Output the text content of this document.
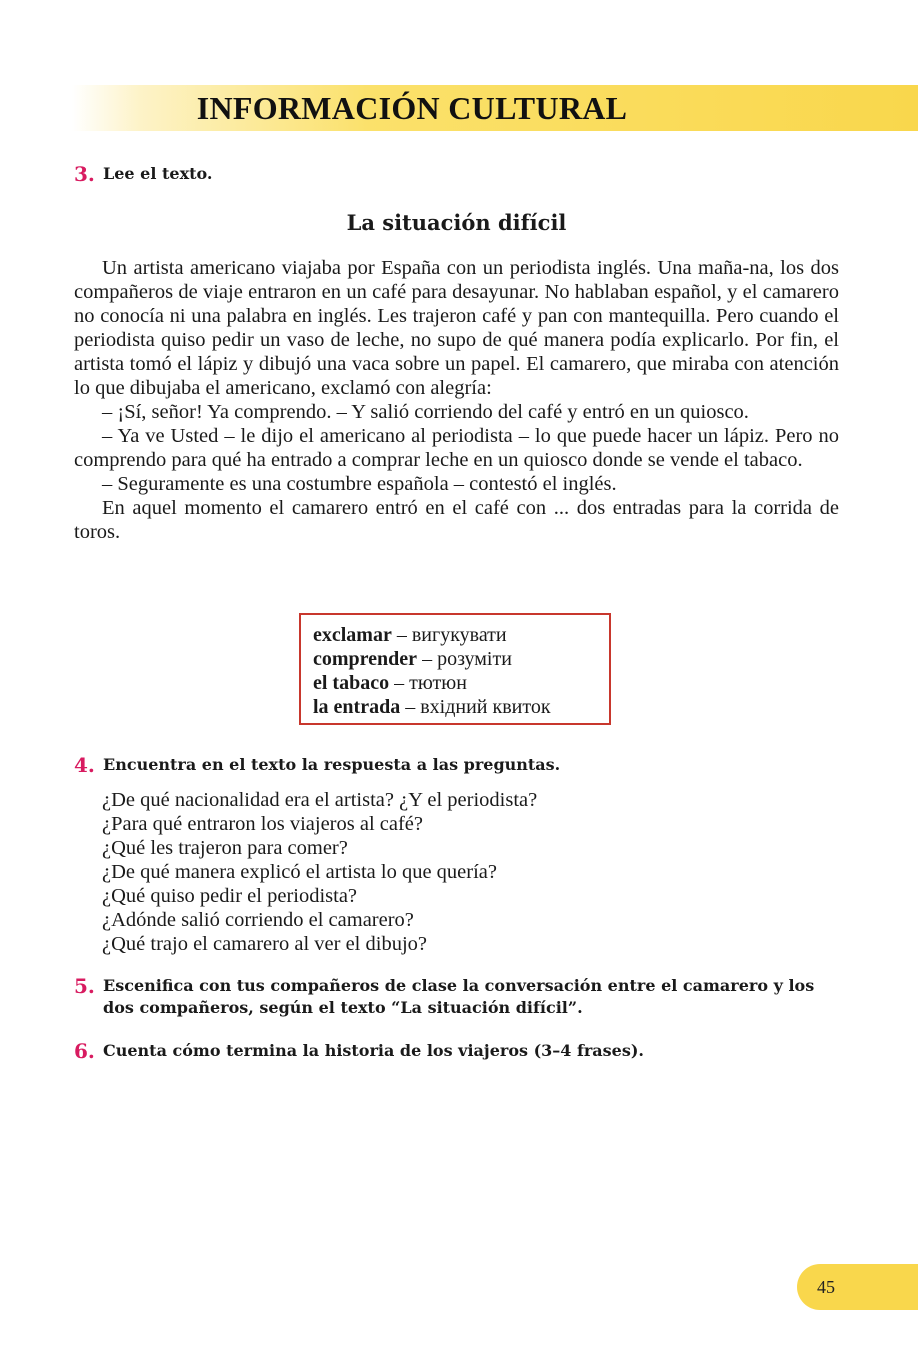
INFORMACIÓN CULTURAL
3. Lee el texto.
La situación difícil

Un artista americano viajaba por España con un periodista inglés. Una maña-na, los dos compañeros de viaje entraron en un café para desayunar. No hablaban español, y el camarero no conocía ni una palabra en inglés. Les trajeron café y pan con mantequilla. Pero cuando el periodista quiso pedir un vaso de leche, no supo de qué manera podía explicarlo. Por fin, el artista tomó el lápiz y dibujó una vaca sobre un papel. El camarero, que miraba con atención lo que dibujaba el americano, exclamó con alegría:

– ¡Sí, señor! Ya comprendo. – Y salió corriendo del café y entró en un quiosco.

– Ya ve Usted – le dijo el americano al periodista – lo que puede hacer un lápiz. Pero no comprendo para qué ha entrado a comprar leche en un quiosco donde se vende el tabaco.

– Seguramente es una costumbre española – contestó el inglés.

En aquel momento el camarero entró en el café con ... dos entradas para la corrida de toros.

exclamar – вигукувати
comprender – розуміти
el tabaco – тютюн
la entrada – вхідний квиток
4. Encuentra en el texto la respuesta a las preguntas.
¿De qué nacionalidad era el artista? ¿Y el periodista?
¿Para qué entraron los viajeros al café?
¿Qué les trajeron para comer?
¿De qué manera explicó el artista lo que quería?
¿Qué quiso pedir el periodista?
¿Adónde salió corriendo el camarero?
¿Qué trajo el camarero al ver el dibujo?
5. Escenifica con tus compañeros de clase la conversación entre el camarero y los dos compañeros, según el texto “La situación difícil”.
6. Cuenta cómo termina la historia de los viajeros (3–4 frases).
45
